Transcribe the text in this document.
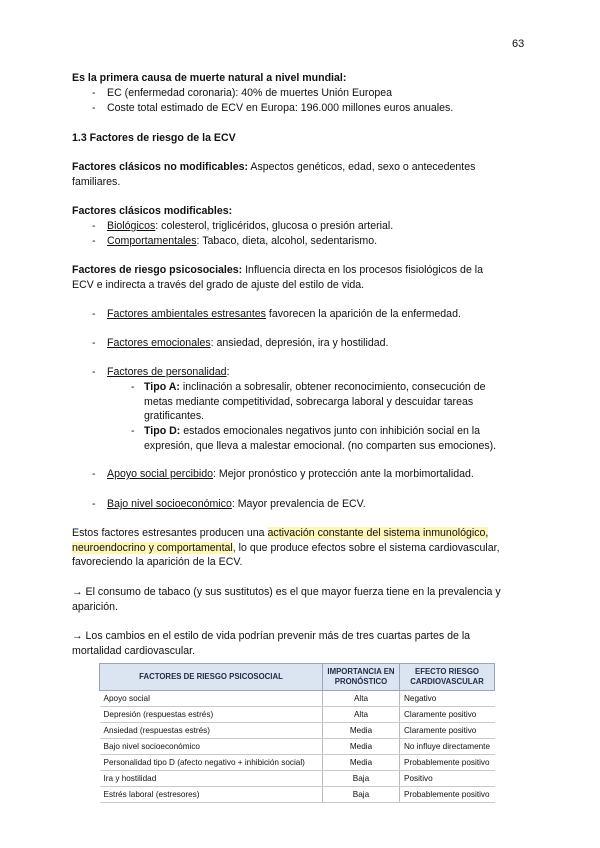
63
Es la primera causa de muerte natural a nivel mundial:
- EC (enfermedad coronaria): 40% de muertes Unión Europea
- Coste total estimado de ECV en Europa: 196.000 millones euros anuales.
1.3 Factores de riesgo de la ECV
Factores clásicos no modificables: Aspectos genéticos, edad, sexo o antecedentes
familiares.
Factores clásicos modificables:
- Biológicos: colesterol, triglicéridos, glucosa o presión arterial.
- Comportamentales: Tabaco, dieta, alcohol, sedentarismo.
Factores de riesgo psicosociales: Influencia directa en los procesos fisiológicos de la
ECV e indirecta a través del grado de ajuste del estilo de vida.
- Factores ambientales estresantes favorecen la aparición de la enfermedad.
- Factores emocionales: ansiedad, depresión, ira y hostilidad.
- Factores de personalidad:
- Tipo A: inclinación a sobresalir, obtener reconocimiento, consecución de
metas mediante competitividad, sobrecarga laboral y descuidar tareas
gratificantes.
- Tipo D: estados emocionales negativos junto con inhibición social en la
expresión, que lleva a malestar emocional. (no comparten sus emociones).
- Apoyo social percibido: Mejor pronóstico y protección ante la morbimortalidad.
- Bajo nivel socioeconómico: Mayor prevalencia de ECV.
Estos factores estresantes producen una activación constante del sistema inmunológico,
neuroendocrino y comportamental, lo que produce efectos sobre el sistema cardiovascular,
favoreciendo la aparición de la ECV.
→ El consumo de tabaco (y sus sustitutos) es el que mayor fuerza tiene en la prevalencia y
aparición.
→ Los cambios en el estilo de vida podrían prevenir más de tres cuartas partes de la
mortalidad cardiovascular.
FACTORES DE RIESGO PSICOSOCIAL	IMPORTANCIA EN PRONÓSTICO	EFECTO RIESGO CARDIOVASCULAR
Apoyo social	Alta	Negativo
Depresión (respuestas estrés)	Alta	Claramente positivo
Ansiedad (respuestas estrés)	Media	Claramente positivo
Bajo nivel socioeconómico	Media	No influye directamente
Personalidad tipo D (afecto negativo + inhibición social)	Media	Probablemente positivo
Ira y hostilidad	Baja	Positivo
Estrés laboral (estresores)	Baja	Probablemente positivo
